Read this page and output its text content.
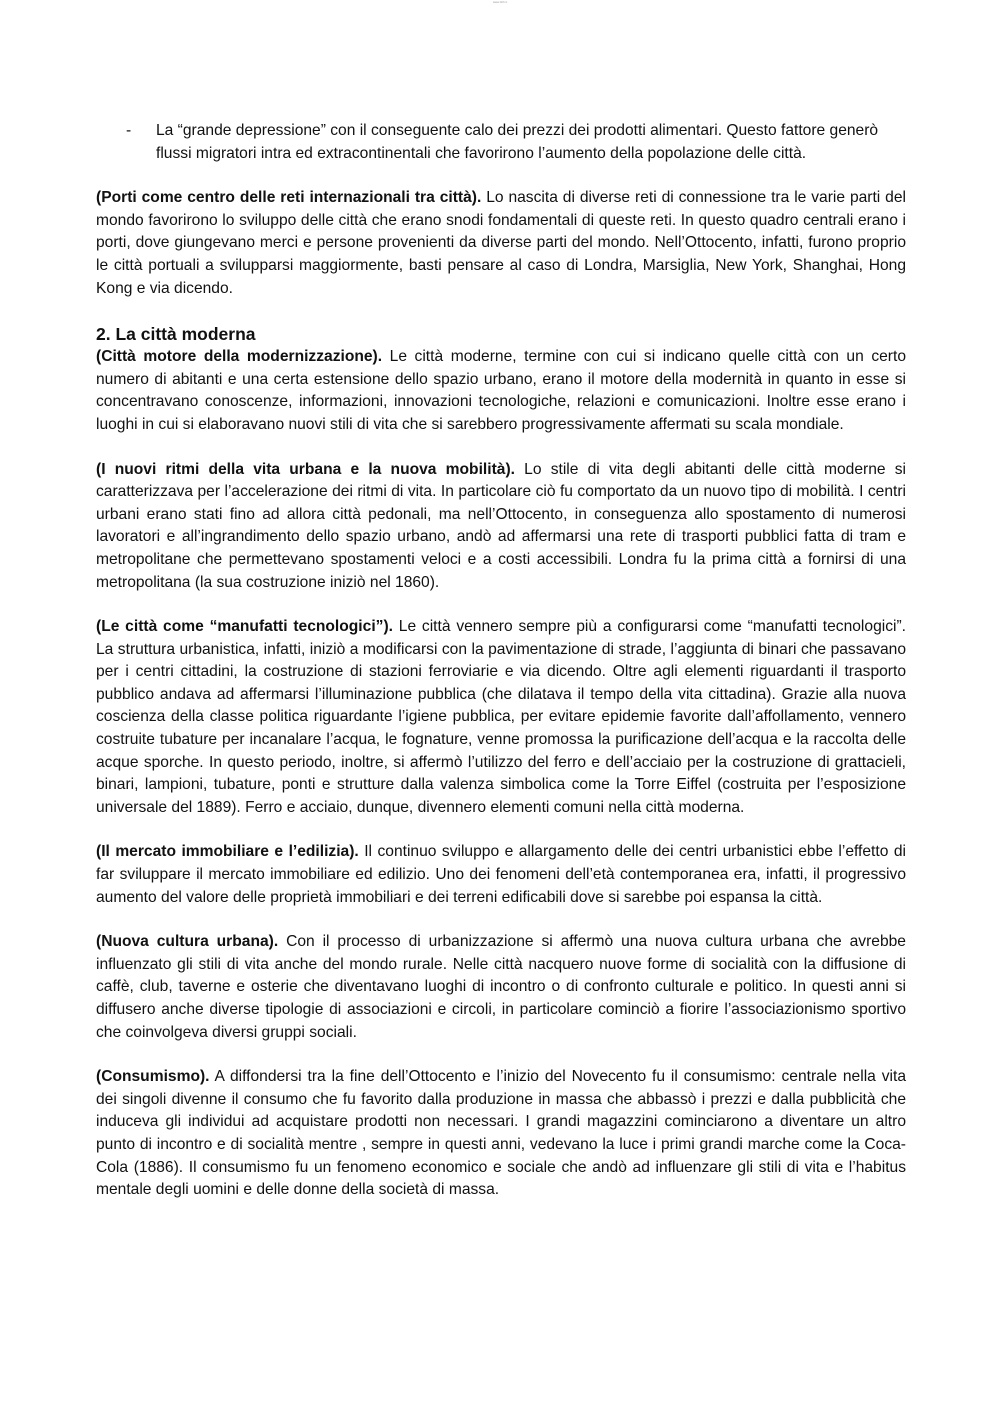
www.0ch.it

- La “grande depressione” con il conseguente calo dei prezzi dei prodotti alimentari. Questo fattore generò flussi migratori intra ed extracontinentali che favorirono l’aumento della popolazione delle città.

(Porti come centro delle reti internazionali tra città). Lo nascita di diverse reti di connessione tra le varie parti del mondo favorirono lo sviluppo delle città che erano snodi fondamentali di queste reti. In questo quadro centrali erano i porti, dove giungevano merci e persone provenienti da diverse parti del mondo. Nell’Ottocento, infatti, furono proprio le città portuali a svilupparsi maggiormente, basti pensare al caso di Londra, Marsiglia, New York, Shanghai, Hong Kong e via dicendo.

2. La città moderna

(Città motore della modernizzazione). Le città moderne, termine con cui si indicano quelle città con un certo numero di abitanti e una certa estensione dello spazio urbano, erano il motore della modernità in quanto in esse si concentravano conoscenze, informazioni, innovazioni tecnologiche, relazioni e comunicazioni. Inoltre esse erano i luoghi in cui si elaboravano nuovi stili di vita che si sarebbero progressivamente affermati su scala mondiale.

(I nuovi ritmi della vita urbana e la nuova mobilità). Lo stile di vita degli abitanti delle città moderne si caratterizzava per l’accelerazione dei ritmi di vita. In particolare ciò fu comportato da un nuovo tipo di mobilità. I centri urbani erano stati fino ad allora città pedonali, ma nell’Ottocento, in conseguenza allo spostamento di numerosi lavoratori e all’ingrandimento dello spazio urbano, andò ad affermarsi una rete di trasporti pubblici fatta di tram e metropolitane che permettevano spostamenti veloci e a costi accessibili. Londra fu la prima città a fornirsi di una metropolitana (la sua costruzione iniziò nel 1860).

(Le città come “manufatti tecnologici”). Le città vennero sempre più a configurarsi come “manufatti tecnologici”. La struttura urbanistica, infatti, iniziò a modificarsi con la pavimentazione di strade, l’aggiunta di binari che passavano per i centri cittadini, la costruzione di stazioni ferroviarie e via dicendo. Oltre agli elementi riguardanti il trasporto pubblico andava ad affermarsi l’illuminazione pubblica (che dilatava il tempo della vita cittadina). Grazie alla nuova coscienza della classe politica riguardante l’igiene pubblica, per evitare epidemie favorite dall’affollamento, vennero costruite tubature per incanalare l’acqua, le fognature, venne promossa la purificazione dell’acqua e la raccolta delle acque sporche. In questo periodo, inoltre, si affermò l’utilizzo del ferro e dell’acciaio per la costruzione di grattacieli, binari, lampioni, tubature, ponti e strutture dalla valenza simbolica come la Torre Eiffel (costruita per l’esposizione universale del 1889). Ferro e acciaio, dunque, divennero elementi comuni nella città moderna.

(Il mercato immobiliare e l’edilizia). Il continuo sviluppo e allargamento delle dei centri urbanistici ebbe l’effetto di far sviluppare il mercato immobiliare ed edilizio. Uno dei fenomeni dell’età contemporanea era, infatti, il progressivo aumento del valore delle proprietà immobiliari e dei terreni edificabili dove si sarebbe poi espansa la città.

(Nuova cultura urbana). Con il processo di urbanizzazione si affermò una nuova cultura urbana che avrebbe influenzato gli stili di vita anche del mondo rurale. Nelle città nacquero nuove forme di socialità con la diffusione di caffè, club, taverne e osterie che diventavano luoghi di incontro o di confronto culturale e politico. In questi anni si diffusero anche diverse tipologie di associazioni e circoli, in particolare cominciò a fiorire l’associazionismo sportivo che coinvolgeva diversi gruppi sociali.

(Consumismo). A diffondersi tra la fine dell’Ottocento e l’inizio del Novecento fu il consumismo: centrale nella vita dei singoli divenne il consumo che fu favorito dalla produzione in massa che abbassò i prezzi e dalla pubblicità che induceva gli individui ad acquistare prodotti non necessari. I grandi magazzini cominciarono a diventare un altro punto di incontro e di socialità mentre , sempre in questi anni, vedevano la luce i primi grandi marche come la Coca-Cola (1886). Il consumismo fu un fenomeno economico e sociale che andò ad influenzare gli stili di vita e l’habitus mentale degli uomini e delle donne della società di massa.
